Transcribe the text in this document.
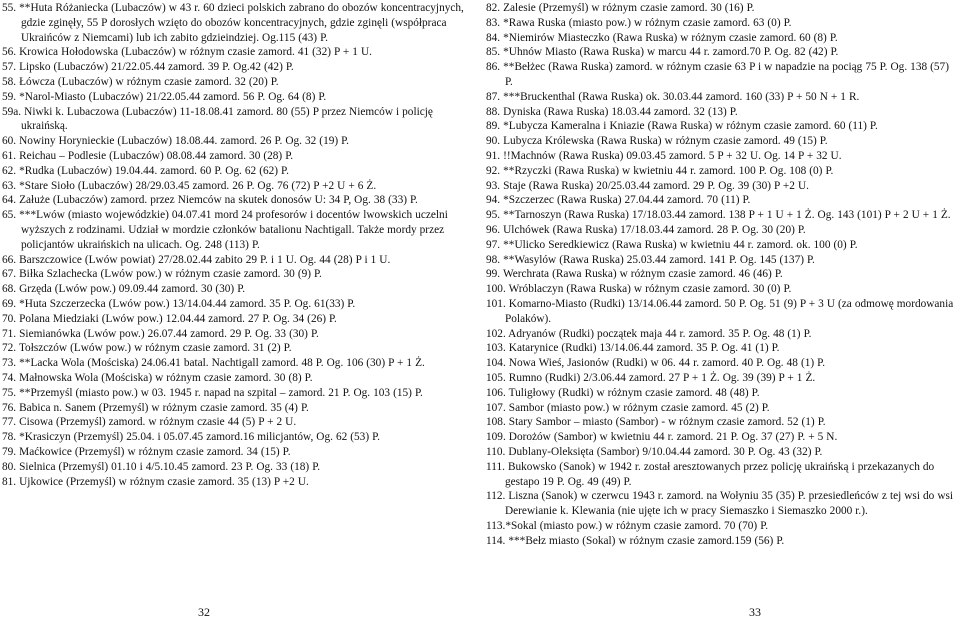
55. **Huta Różaniecka (Lubaczów) w 43 r. 60 dzieci polskich zabrano do obozów koncentracyjnych, gdzie zginęły, 55 P dorosłych wzięto do obozów koncentracyjnych, gdzie zginęli (współpraca Ukraińców z Niemcami) lub ich zabito gdzieindziej. Og.115 (43) P.
56. Krowica Hołodowska (Lubaczów) w różnym czasie zamord. 41 (32) P + 1 U.
57. Lipsko (Lubaczów) 21/22.05.44 zamord. 39 P. Og.42 (42) P.
58. Łówcza (Lubaczów) w różnym czasie zamord. 32 (20) P.
59. *Narol-Miasto (Lubaczów) 21/22.05.44 zamord. 56 P. Og. 64 (8) P.
59a. Niwki k. Lubaczowa (Lubaczów) 11-18.08.41 zamord. 80 (55) P przez Niemców i policję ukraińską.
60. Nowiny Horynieckie (Lubaczów) 18.08.44. zamord. 26 P. Og. 32 (19) P.
61. Reichau – Podlesie (Lubaczów) 08.08.44 zamord. 30 (28) P.
62. *Rudka (Lubaczów) 19.04.44. zamord. 60 P. Og. 62 (62) P.
63. *Stare Sioło (Lubaczów) 28/29.03.45 zamord. 26 P. Og. 76 (72) P +2 U + 6 Ż.
64. Załuże (Lubaczów) zamord. przez Niemców na skutek donosów U: 34 P, Og. 38 (33) P.
65. ***Lwów (miasto wojewódzkie) 04.07.41 mord 24 profesorów i docentów lwowskich uczelni wyższych z rodzinami. Udział w mordzie członków batalionu Nachtigall. Także mordy przez policjantów ukraińskich na ulicach. Og. 248 (113) P.
66. Barszczowice (Lwów powiat) 27/28.02.44 zabito 29 P. i 1 U. Og. 44 (28) P i 1 U.
67. Biłka Szlachecka (Lwów pow.) w różnym czasie zamord. 30 (9) P.
68. Grzęda (Lwów pow.) 09.09.44 zamord. 30 (30) P.
69. *Huta Szczerzecka (Lwów pow.) 13/14.04.44 zamord. 35 P. Og. 61(33) P.
70. Polana Miedziaki (Lwów pow.) 12.04.44 zamord. 27 P. Og. 34 (26) P.
71. Siemianówka (Lwów pow.) 26.07.44 zamord. 29 P. Og. 33 (30) P.
72. Tołszczów (Lwów pow.) w różnym czasie zamord. 31 (2) P.
73. **Lacka Wola (Mościska) 24.06.41 batal. Nachtigall zamord. 48 P. Og. 106 (30) P + 1 Ż.
74. Małnowska Wola (Mościska) w różnym czasie zamord. 30 (8) P.
75. **Przemyśl (miasto pow.) w 03. 1945 r. napad na szpital – zamord. 21 P. Og. 103 (15) P.
76. Babica n. Sanem (Przemyśl) w różnym czasie zamord. 35 (4) P.
77. Cisowa (Przemyśl) zamord. w różnym czasie 44 (5) P + 2 U.
78. *Krasiczyn (Przemyśl) 25.04. i 05.07.45 zamord.16 milicjantów, Og. 62 (53) P.
79. Maćkowice (Przemyśl) w różnym czasie zamord. 34 (15) P.
80. Sielnica (Przemyśl) 01.10 i 4/5.10.45 zamord. 23 P. Og. 33 (18) P.
81. Ujkowice (Przemyśl) w różnym czasie zamord. 35 (13) P +2 U.
32
82. Zalesie (Przemyśl) w różnym czasie zamord. 30 (16) P.
83. *Rawa Ruska (miasto pow.) w różnym czasie zamord. 63 (0) P.
84. *Niemirów Miasteczko (Rawa Ruska) w różnym czasie zamord. 60 (8) P.
85. *Uhnów Miasto (Rawa Ruska) w marcu 44 r. zamord.70 P. Og. 82 (42) P.
86. **Bełżec (Rawa Ruska) zamord. w różnym czasie 63 P i w napadzie na pociąg 75 P. Og. 138 (57) P.
87. ***Bruckenthal (Rawa Ruska) ok. 30.03.44 zamord. 160 (33) P + 50 N + 1 R.
88. Dyniska (Rawa Ruska) 18.03.44 zamord. 32 (13) P.
89. *Lubycza Kameralna i Kniazie (Rawa Ruska) w różnym czasie zamord. 60 (11) P.
90. Lubycza Królewska (Rawa Ruska) w różnym czasie zamord. 49 (15) P.
91. !!Machnów (Rawa Ruska) 09.03.45 zamord. 5 P + 32 U. Og. 14 P + 32 U.
92. **Rzyczki (Rawa Ruska) w kwietniu 44 r. zamord. 100 P. Og. 108 (0) P.
93. Staje (Rawa Ruska) 20/25.03.44 zamord. 29 P. Og. 39 (30) P +2 U.
94. *Szczerzec (Rawa Ruska) 27.04.44 zamord. 70 (11) P.
95. **Tarnoszyn (Rawa Ruska) 17/18.03.44 zamord. 138 P + 1 U + 1 Ż. Og. 143 (101) P + 2 U + 1 Ż.
96. Ulchówek (Rawa Ruska) 17/18.03.44 zamord. 28 P. Og. 30 (20) P.
97. **Ulicko Seredkiewicz (Rawa Ruska) w kwietniu 44 r. zamord. ok. 100 (0) P.
98. **Wasylów (Rawa Ruska) 25.03.44 zamord. 141 P. Og. 145 (137) P.
99. Werchrata (Rawa Ruska) w różnym czasie zamord. 46 (46) P.
100. Wróblaczyn (Rawa Ruska) w różnym czasie zamord. 30 (0) P.
101. Komarno-Miasto (Rudki) 13/14.06.44 zamord. 50 P. Og. 51 (9) P + 3 U (za odmowę mordowania Polaków).
102. Adryanów (Rudki) początek maja 44 r. zamord. 35 P. Og. 48 (1) P.
103. Katarynice (Rudki) 13/14.06.44 zamord. 35 P. Og. 41 (1) P.
104. Nowa Wieś, Jasionów (Rudki) w 06. 44 r. zamord. 40 P. Og. 48 (1) P.
105. Rumno (Rudki) 2/3.06.44 zamord. 27 P + 1 Ż. Og. 39 (39) P + 1 Ż.
106. Tuligłowy (Rudki) w różnym czasie zamord. 48 (48) P.
107. Sambor (miasto pow.) w różnym czasie zamord. 45 (2) P.
108. Stary Sambor – miasto (Sambor) - w różnym czasie zamord. 52 (1) P.
109. Dorożów (Sambor) w kwietniu 44 r. zamord. 21 P. Og. 37 (27) P. + 5 N.
110. Dublany-Oleksięta (Sambor) 9/10.04.44 zamord. 30 P. Og. 43 (32) P.
111. Bukowsko (Sanok) w 1942 r. został aresztowanych przez policję ukraińską i przekazanych do gestapo 19 P. Og. 49 (49) P.
112. Liszna (Sanok) w czerwcu 1943 r. zamord. na Wołyniu 35 (35) P. przesiedleńców z tej wsi do wsi Derewianie k. Klewania (nie ujęte ich w pracy Siemaszko i Siemaszko 2000 r.).
113.*Sokal (miasto pow.) w różnym czasie zamord. 70 (70) P.
114. ***Bełz miasto (Sokal) w różnym czasie zamord.159 (56) P.
33
